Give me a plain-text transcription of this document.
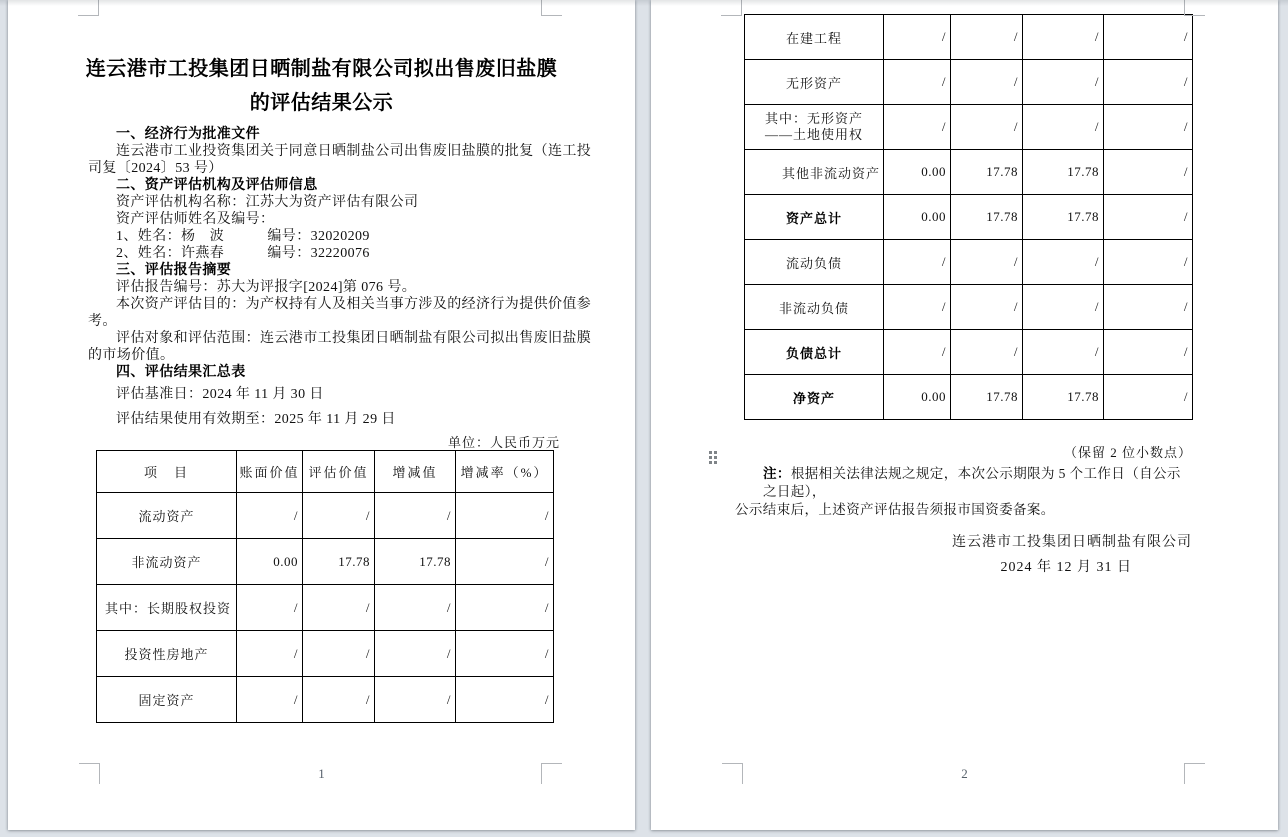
连云港市工投集团日晒制盐有限公司拟出售废旧盐膜
的评估结果公示
一、经济行为批准文件
连云港市工业投资集团关于同意日晒制盐公司出售废旧盐膜的批复（连工投
司复〔2024〕53 号）
二、资产评估机构及评估师信息
资产评估机构名称：江苏大为资产评估有限公司
资产评估师姓名及编号：
1、姓名：杨　波　　　编号：32020209
2、姓名：许燕春　　　编号：32220076
三、评估报告摘要
评估报告编号：苏大为评报字[2024]第 076 号。
本次资产评估目的：为产权持有人及相关当事方涉及的经济行为提供价值参
考。
评估对象和评估范围：连云港市工投集团日晒制盐有限公司拟出售废旧盐膜
的市场价值。
四、评估结果汇总表
评估基准日：2024 年 11 月 30 日
评估结果使用有效期至：2025 年 11 月 29 日
单位：人民币万元
项　目	账面价值	评估价值	增减值	增减率（%）
流动资产	/	/	/	/
非流动资产	0.00	17.78	17.78	/
其中：长期股权投资	/	/	/	/
投资性房地产	/	/	/	/
固定资产	/	/	/	/
1
在建工程	/	/	/	/
无形资产	/	/	/	/

其中：无形资产
——土地使用权	/	/	/	/
其他非流动资产	0.00	17.78	17.78	/
资产总计	0.00	17.78	17.78	/
流动负债	/	/	/	/
非流动负债	/	/	/	/
负债总计	/	/	/	/
净资产	0.00	17.78	17.78	/
（保留 2 位小数点）
注：根据相关法律法规之规定，本次公示期限为 5 个工作日（自公示之日起），
公示结束后，上述资产评估报告须报市国资委备案。
连云港市工投集团日晒制盐有限公司
2024 年 12 月 31 日
2
